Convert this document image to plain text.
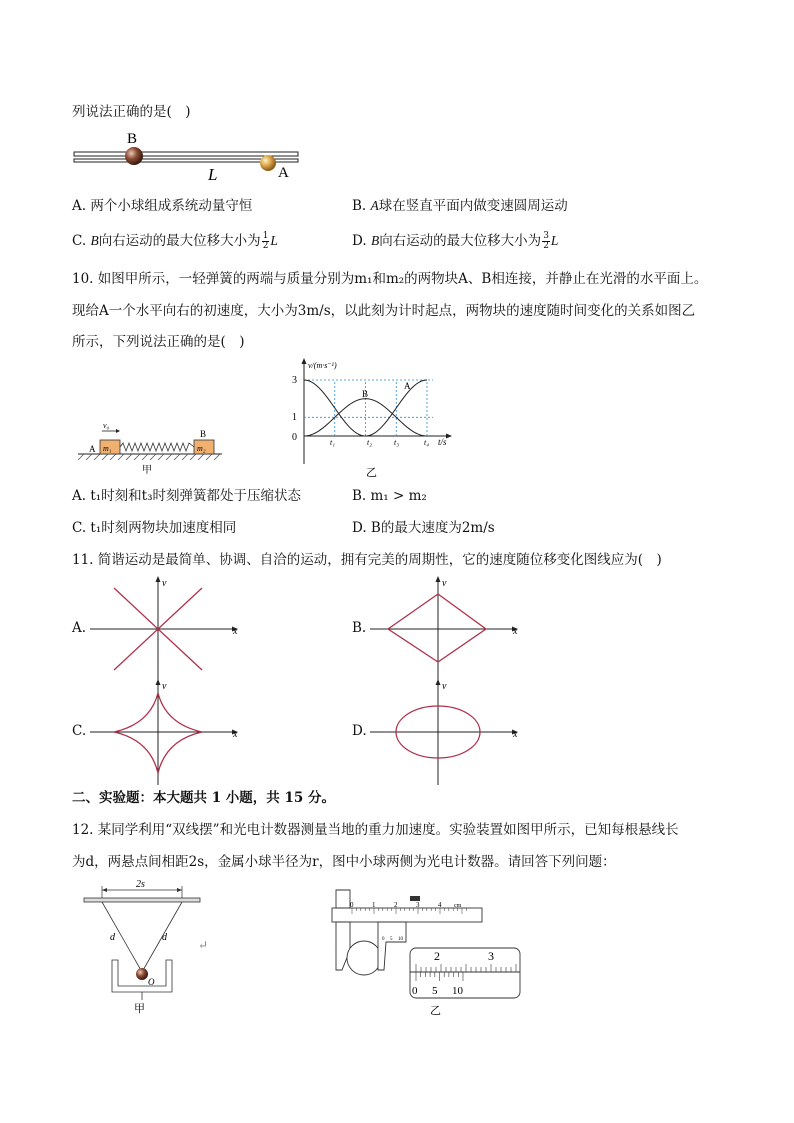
列说法正确的是(　)
B
A
L
A. 两个小球组成系统动量守恒	B. A球在竖直平面内做变速圆周运动
C. B向右运动的最大位移大小为 $\frac{1}{2}$ L	D. B向右运动的最大位移大小为 $\frac{3}{2}$ L
10. 如图甲所示，一轻弹簧的两端与质量分别为m₁和m₂的两物块A、B相连接，并静止在光滑的水平面上。
现给A一个水平向右的初速度，大小为3m/s，以此刻为计时起点，两物块的速度随时间变化的关系如图乙
所示，下列说法正确的是(　)
v₀
A
B
m₁	m₂
甲
v/(m·s⁻¹)
t/s
3
1
0	t₁	t₂	t₃	t₄
B
A
乙
A. t₁时刻和t₃时刻弹簧都处于压缩状态	B. m₁ > m₂
C. t₁时刻两物块加速度相同	D. B的最大速度为2m/s
11. 简谐运动是最简单、协调、自洽的运动，拥有完美的周期性，它的速度随位移变化图线应为(　)
A.	B.
C.	D.
v
x
v
x
v
x
v
x
二、实验题：本大题共 1 小题，共 15 分。
12. 某同学利用“双线摆”和光电计数器测量当地的重力加速度。实验装置如图甲所示，已知每根悬线长
为d，两悬点间相距2s，金属小球半径为r，图中小球两侧为光电计数器。请回答下列问题：
2s
d	d
O
甲
↵
0	1	2	3	4 cm
0 5 10
2	3
0 5 10
乙
